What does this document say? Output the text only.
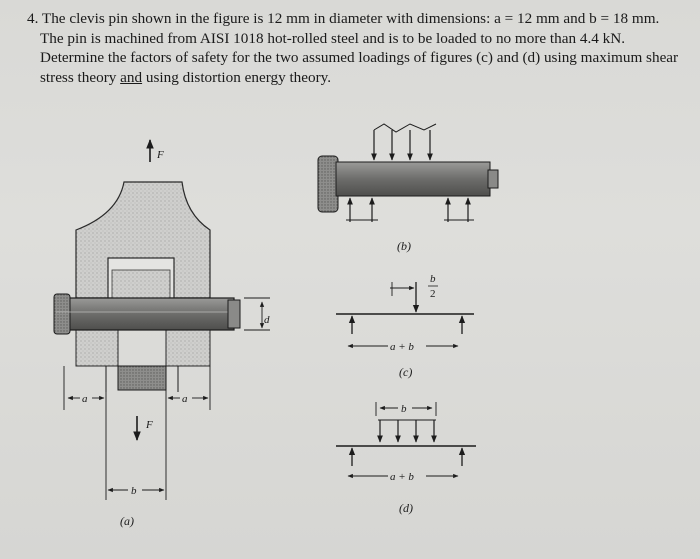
4. The clevis pin shown in the figure is 12 mm in diameter with dimensions: a = 12 mm and b = 18 mm. The pin is machined from AISI 1018 hot-rolled steel and is to be loaded to no more than 4.4 kN. Determine the factors of safety for the two assumed loadings of figures (c) and (d) using maximum shear stress theory and using distortion energy theory.

d
F
F
a	a
b
(a)
(b)
b
2
a + b
(c)
b
a + b
(d)
